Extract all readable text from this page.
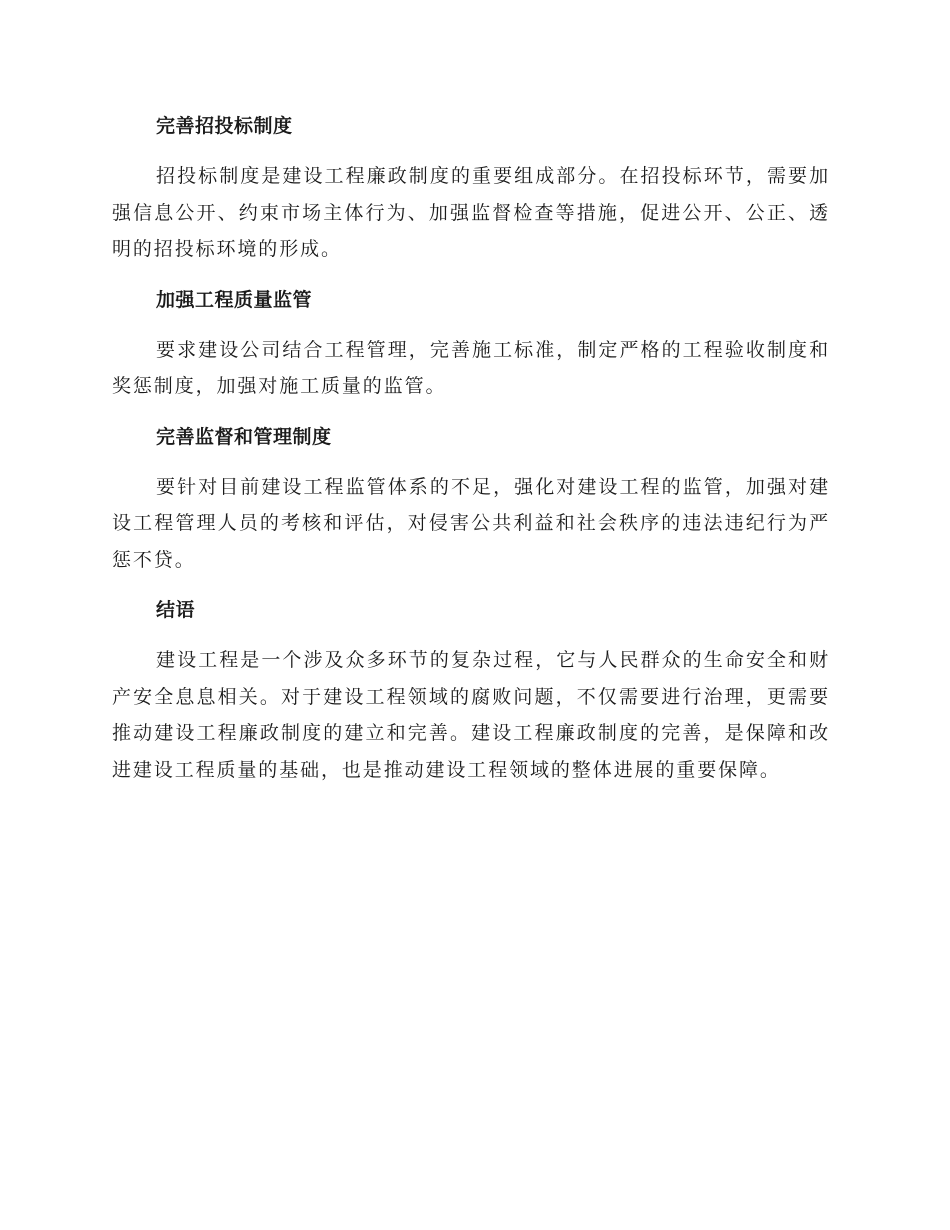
完善招投标制度

招投标制度是建设工程廉政制度的重要组成部分。在招投标环节，需要加强信息公开、约束市场主体行为、加强监督检查等措施，促进公开、公正、透明的招投标环境的形成。

加强工程质量监管

要求建设公司结合工程管理，完善施工标准，制定严格的工程验收制度和奖惩制度，加强对施工质量的监管。

完善监督和管理制度

要针对目前建设工程监管体系的不足，强化对建设工程的监管，加强对建设工程管理人员的考核和评估，对侵害公共利益和社会秩序的违法违纪行为严惩不贷。

结语

建设工程是一个涉及众多环节的复杂过程，它与人民群众的生命安全和财产安全息息相关。对于建设工程领域的腐败问题，不仅需要进行治理，更需要推动建设工程廉政制度的建立和完善。建设工程廉政制度的完善，是保障和改进建设工程质量的基础，也是推动建设工程领域的整体进展的重要保障。
